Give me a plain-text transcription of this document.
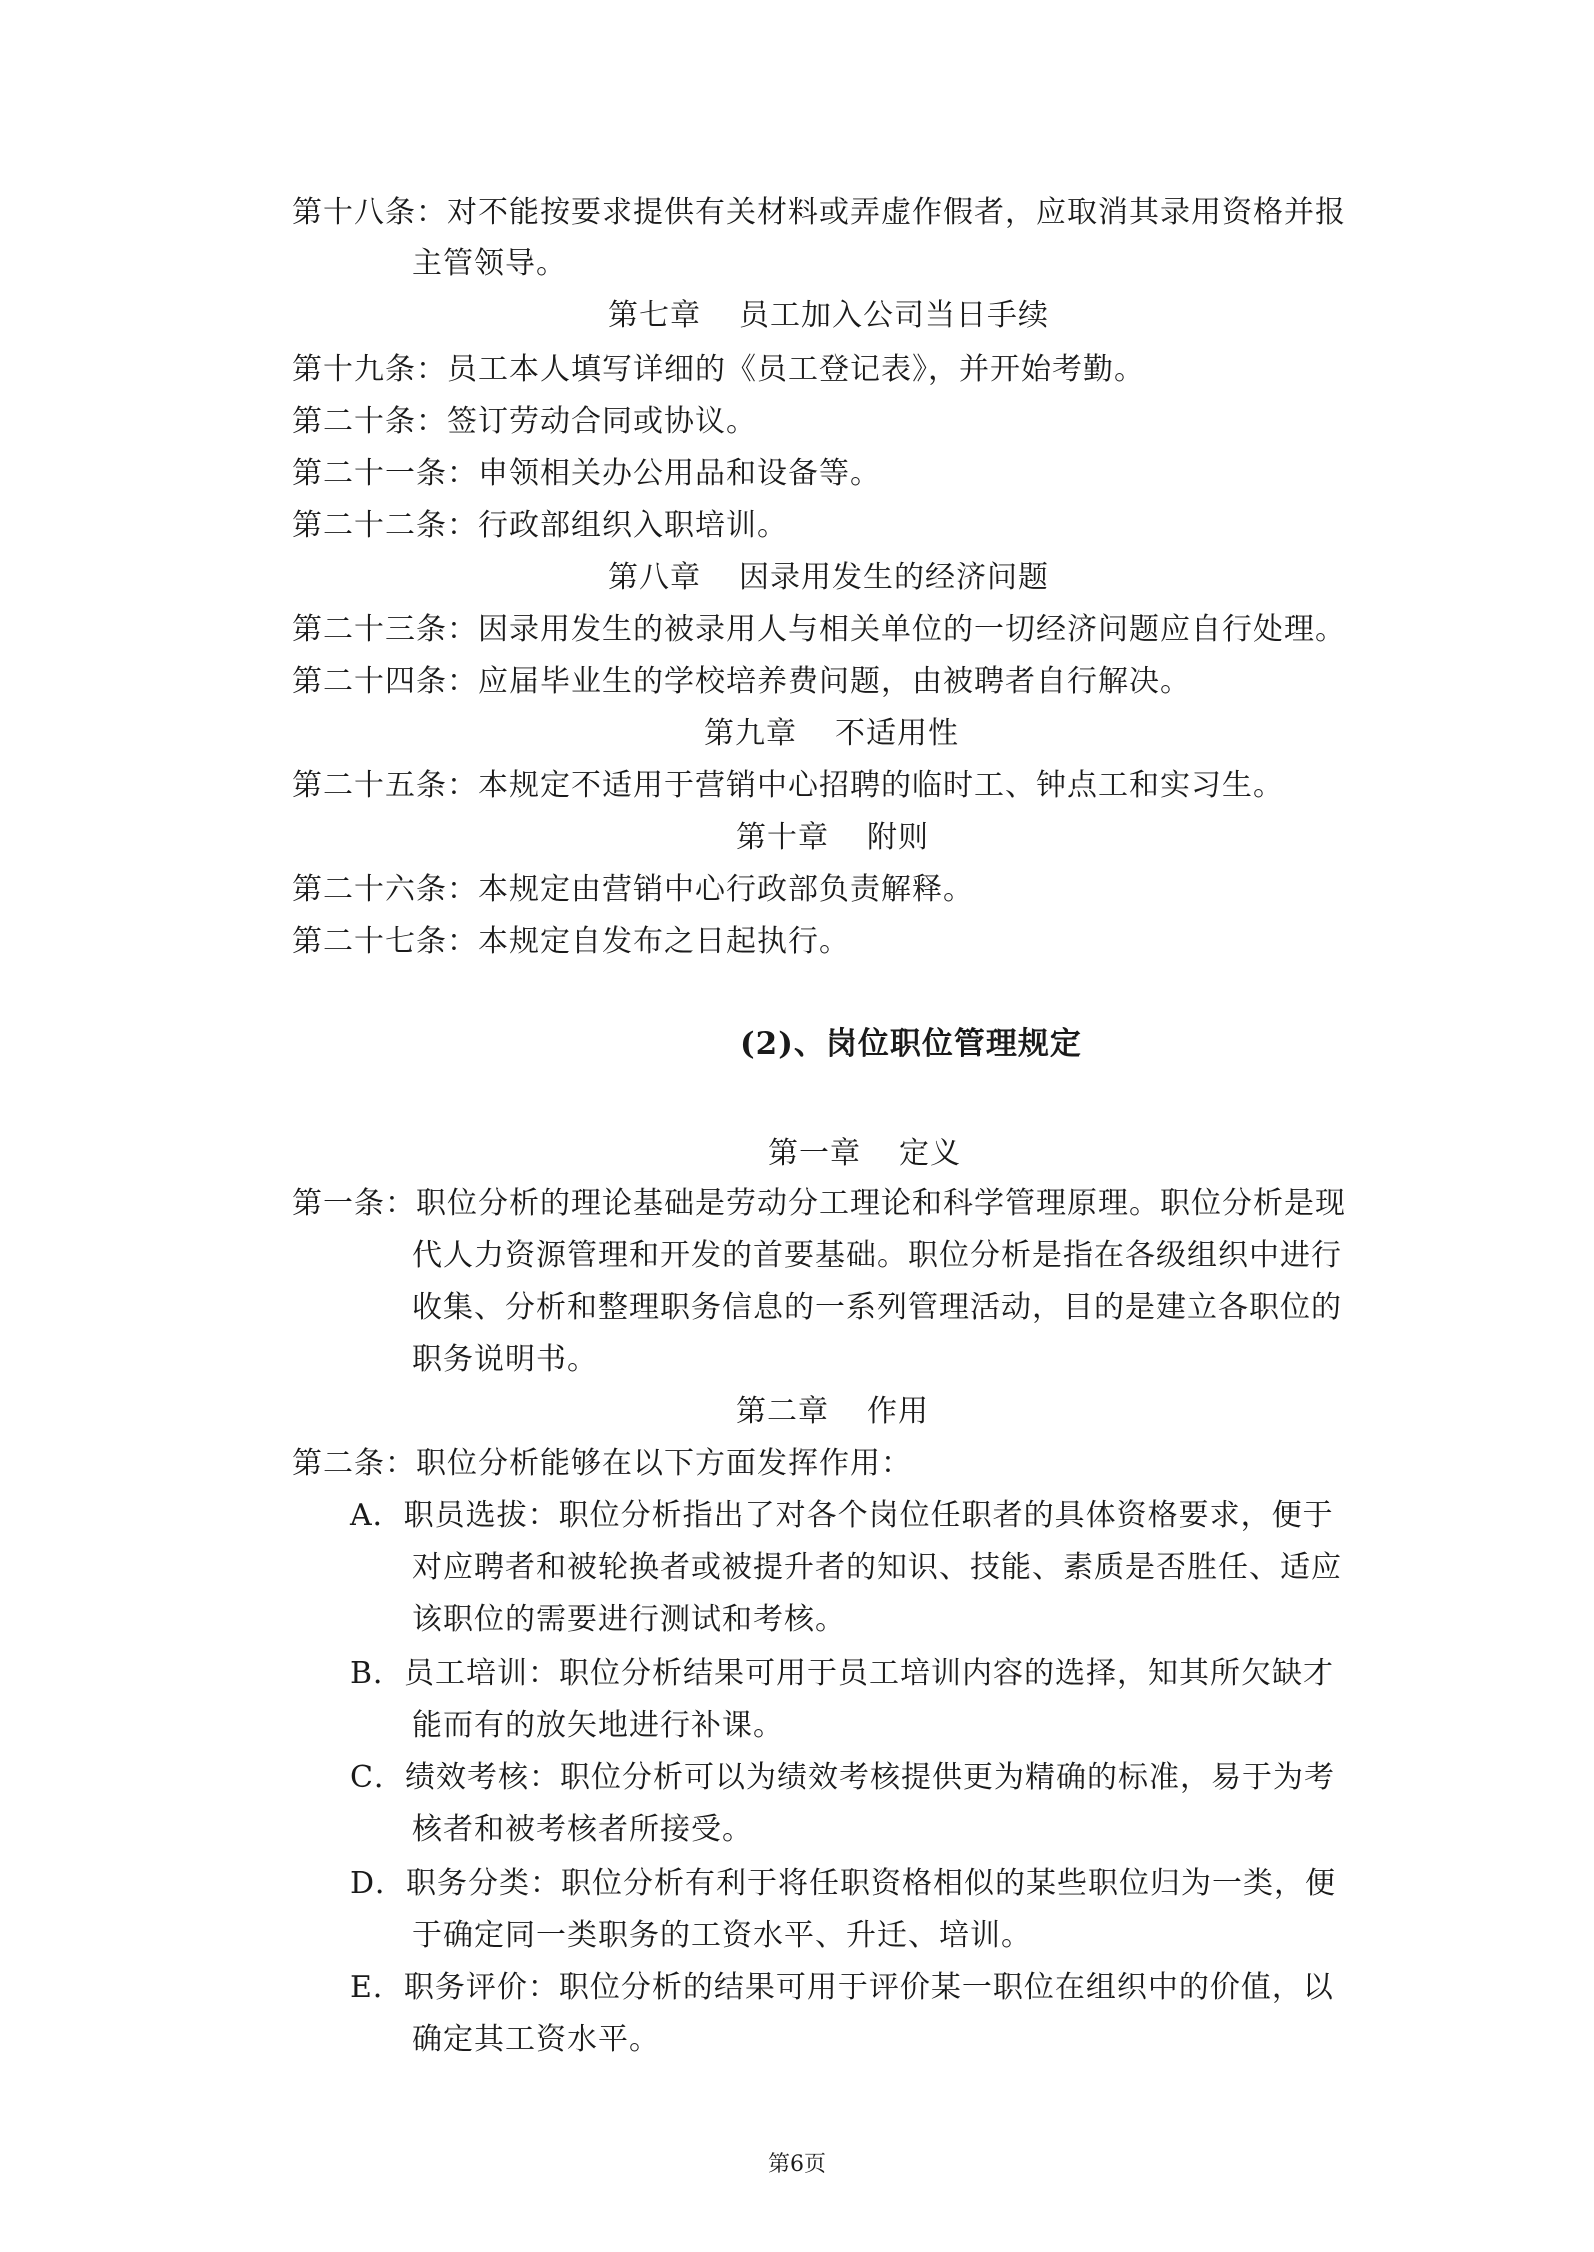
第十八条：对不能按要求提供有关材料或弄虚作假者，应取消其录用资格并报
主管领导。
第七章 员工加入公司当日手续
第十九条：员工本人填写详细的《员工登记表》，并开始考勤。
第二十条：签订劳动合同或协议。
第二十一条：申领相关办公用品和设备等。
第二十二条：行政部组织入职培训。
第八章 因录用发生的经济问题
第二十三条：因录用发生的被录用人与相关单位的一切经济问题应自行处理。
第二十四条：应届毕业生的学校培养费问题，由被聘者自行解决。
第九章 不适用性
第二十五条：本规定不适用于营销中心招聘的临时工、钟点工和实习生。
第十章 附则
第二十六条：本规定由营销中心行政部负责解释。
第二十七条：本规定自发布之日起执行。
(2)、岗位职位管理规定
第一章 定义
第一条：职位分析的理论基础是劳动分工理论和科学管理原理。职位分析是现
代人力资源管理和开发的首要基础。职位分析是指在各级组织中进行
收集、分析和整理职务信息的一系列管理活动，目的是建立各职位的
职务说明书。
第二章 作用
第二条：职位分析能够在以下方面发挥作用：
A．职员选拔：职位分析指出了对各个岗位任职者的具体资格要求，便于
对应聘者和被轮换者或被提升者的知识、技能、素质是否胜任、适应
该职位的需要进行测试和考核。
B．员工培训：职位分析结果可用于员工培训内容的选择，知其所欠缺才
能而有的放矢地进行补课。
C．绩效考核：职位分析可以为绩效考核提供更为精确的标准，易于为考
核者和被考核者所接受。
D．职务分类：职位分析有利于将任职资格相似的某些职位归为一类，便
于确定同一类职务的工资水平、升迁、培训。
E．职务评价：职位分析的结果可用于评价某一职位在组织中的价值，以
确定其工资水平。
第6页
